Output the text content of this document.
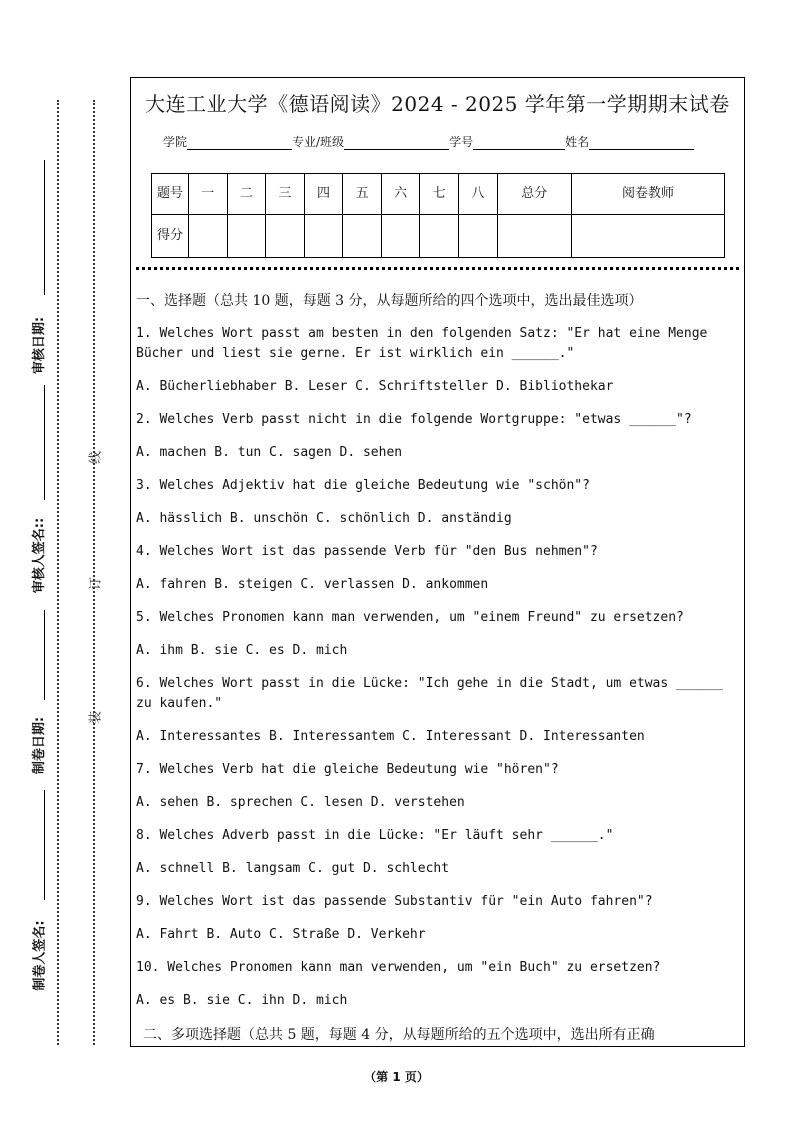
审核日期:
审核人签名::
制卷日期:
制卷人签名:
线
订
装
大连工业大学《德语阅读》2024 - 2025 学年第一学期期末试卷
学院	专业/班级	学号	姓名
题号	一	二	三	四	五	六	七	八	总分	阅卷教师
得分										
一、选择题（总共 10 题，每题 3 分，从每题所给的四个选项中，选出最佳选项）
1. Welches Wort passt am besten in den folgenden Satz: "Er hat eine Menge Bücher und liest sie gerne. Er ist wirklich ein ______."
A. Bücherliebhaber B. Leser C. Schriftsteller D. Bibliothekar
2. Welches Verb passt nicht in die folgende Wortgruppe: "etwas ______"?
A. machen B. tun C. sagen D. sehen
3. Welches Adjektiv hat die gleiche Bedeutung wie "schön"?
A. hässlich B. unschön C. schönlich D. anständig
4. Welches Wort ist das passende Verb für "den Bus nehmen"?
A. fahren B. steigen C. verlassen D. ankommen
5. Welches Pronomen kann man verwenden, um "einem Freund" zu ersetzen?
A. ihm B. sie C. es D. mich
6. Welches Wort passt in die Lücke: "Ich gehe in die Stadt, um etwas ______ zu kaufen."
A. Interessantes B. Interessantem C. Interessant D. Interessanten
7. Welches Verb hat die gleiche Bedeutung wie "hören"?
A. sehen B. sprechen C. lesen D. verstehen
8. Welches Adverb passt in die Lücke: "Er läuft sehr ______."
A. schnell B. langsam C. gut D. schlecht
9. Welches Wort ist das passende Substantiv für "ein Auto fahren"?
A. Fahrt B. Auto C. Straße D. Verkehr
10. Welches Pronomen kann man verwenden, um "ein Buch" zu ersetzen?
A. es B. sie C. ihn D. mich
二、多项选择题（总共 5 题，每题 4 分，从每题所给的五个选项中，选出所有正确
（第 1 页）
